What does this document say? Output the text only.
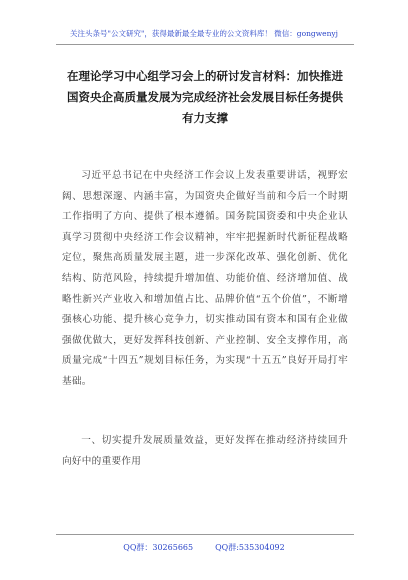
关注头条号"公文研究"，获得最新最全最专业的公文资料库！ 微信：gongwenyj
在理论学习中心组学习会上的研讨发言材料：加快推进国资央企高质量发展为完成经济社会发展目标任务提供有力支撑
习近平总书记在中央经济工作会议上发表重要讲话，视野宏阔、思想深邃、内涵丰富，为国资央企做好当前和今后一个时期工作指明了方向、提供了根本遵循。国务院国资委和中央企业认真学习贯彻中央经济工作会议精神，牢牢把握新时代新征程战略定位，聚焦高质量发展主题，进一步深化改革、强化创新、优化结构、防范风险，持续提升增加值、功能价值、经济增加值、战略性新兴产业收入和增加值占比、品牌价值“五个价值”，不断增强核心功能、提升核心竞争力，切实推动国有资本和国有企业做强做优做大，更好发挥科技创新、产业控制、安全支撑作用，高质量完成“十四五”规划目标任务，为实现“十五五”良好开局打牢基础。
一、切实提升发展质量效益，更好发挥在推动经济持续回升向好中的重要作用
QQ群：30265665	QQ群:535304092
